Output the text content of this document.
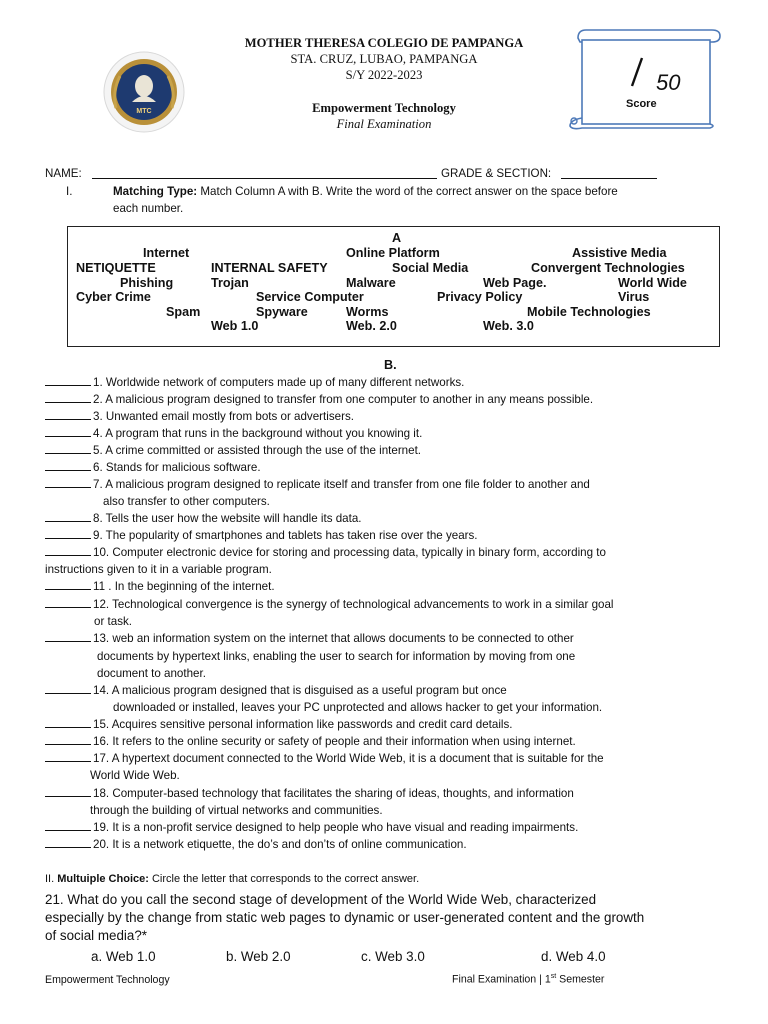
MOTHER THERESA COLEGIO DE PAMPANGA
STA. CRUZ, LUBAO, PAMPANGA
S/Y 2022-2023
Empowerment Technology
Final Examination
MTC
50
Score
NAME:	GRADE & SECTION:
I.	Matching Type: Match Column A with B. Write the word of the correct answer on the space before
each number.
A
Internet	Online Platform	Assistive Media
NETIQUETTE	INTERNAL SAFETY	Social Media	Convergent Technologies
Phishing	Trojan	Malware	Web Page.	World Wide
Cyber Crime	Service Computer	Privacy Policy	Virus
Spam	Spyware	Worms	Mobile Technologies
Web 1.0	Web. 2.0	Web. 3.0
B.
1. Worldwide network of computers made up of many different networks.
2. A malicious program designed to transfer from one computer to another in any means possible.
3. Unwanted email mostly from bots or advertisers.
4. A program that runs in the background without you knowing it.
5. A crime committed or assisted through the use of the internet.
6. Stands for malicious software.
7. A malicious program designed to replicate itself and transfer from one file folder to another and
also transfer to other computers.
8. Tells the user how the website will handle its data.
9. The popularity of smartphones and tablets has taken rise over the years.
10. Computer electronic device for storing and processing data, typically in binary form, according to
instructions given to it in a variable program.
11 . In the beginning of the internet.
12. Technological convergence is the synergy of technological advancements to work in a similar goal
or task.
13. web an information system on the internet that allows documents to be connected to other
documents by hypertext links, enabling the user to search for information by moving from one
document to another.
14. A malicious program designed that is disguised as a useful program but once
downloaded or installed, leaves your PC unprotected and allows hacker to get your information.
15. Acquires sensitive personal information like passwords and credit card details.
16. It refers to the online security or safety of people and their information when using internet.
17. A hypertext document connected to the World Wide Web, it is a document that is suitable for the
World Wide Web.
18. Computer-based technology that facilitates the sharing of ideas, thoughts, and information
through the building of virtual networks and communities.
19. It is a non-profit service designed to help people who have visual and reading impairments.
20. It is a network etiquette, the do’s and don’ts of online communication.
II. Multuiple Choice: Circle the letter that corresponds to the correct answer.
21. What do you call the second stage of development of the World Wide Web, characterized
especially by the change from static web pages to dynamic or user-generated content and the growth
of social media?*
a. Web 1.0	b. Web 2.0	c. Web 3.0	d. Web 4.0
Empowerment Technology	Final Examination | 1st Semester
